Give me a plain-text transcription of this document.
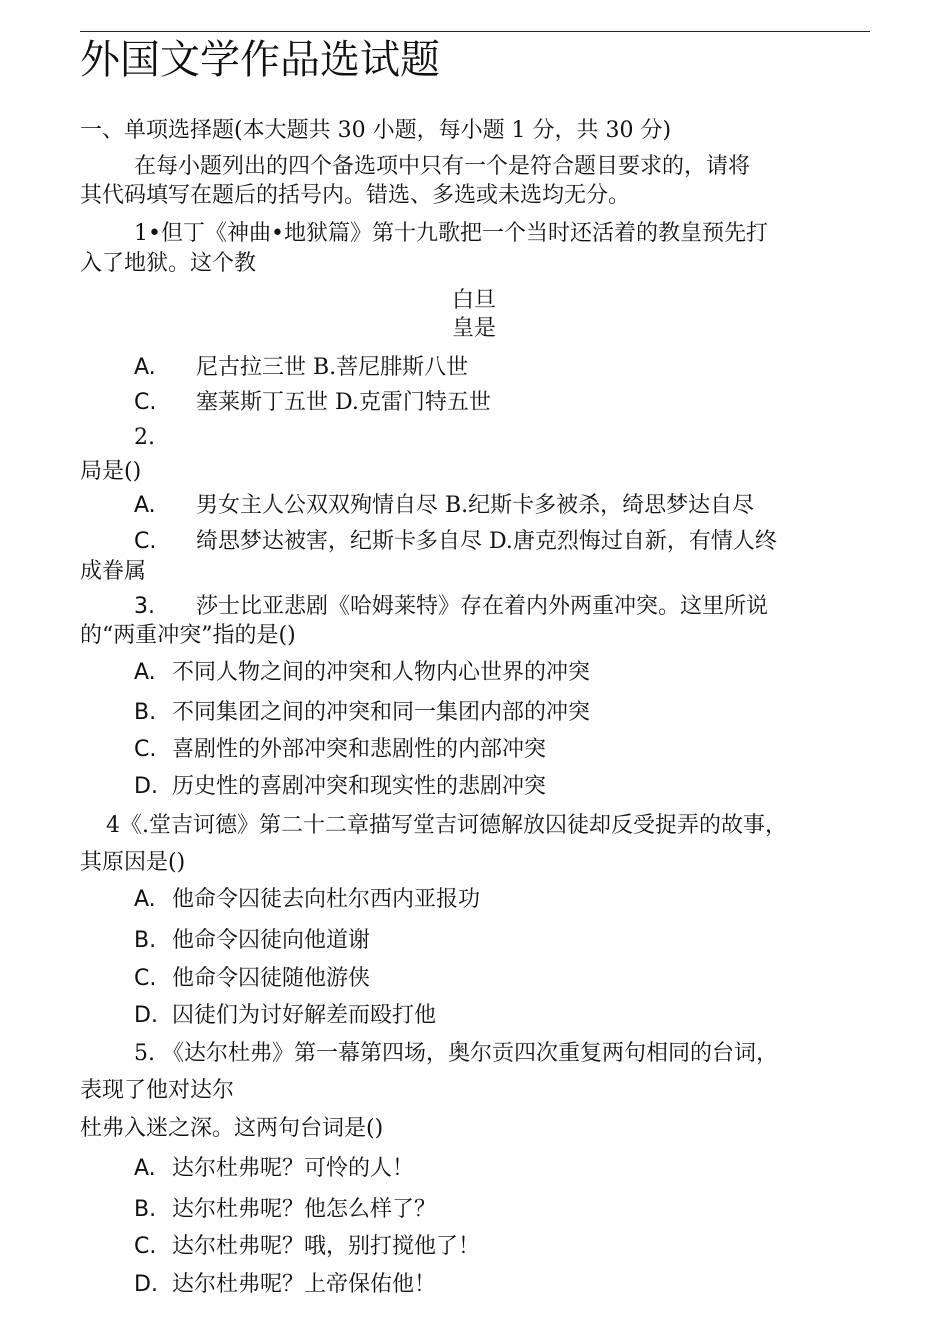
外国文学作品选试题
一、单项选择题(本大题共 30 小题，每小题 1 分，共 30 分)
在每小题列出的四个备选项中只有一个是符合题目要求的，请将
其代码填写在题后的括号内。错选、多选或未选均无分。
1•但丁《神曲•地狱篇》第十九歌把一个当时还活着的教皇预先打
入了地狱。这个教
白旦
皇是
A. 尼古拉三世 B.菩尼腓斯八世
C. 塞莱斯丁五世 D.克雷门特五世
2.
局是()
A. 男女主人公双双殉情自尽 B.纪斯卡多被杀，绮思梦达自尽
C. 绮思梦达被害，纪斯卡多自尽 D.唐克烈悔过自新，有情人终
成眷属
3. 莎士比亚悲剧《哈姆莱特》存在着内外两重冲突。这里所说
的“两重冲突”指的是()
A. 不同人物之间的冲突和人物内心世界的冲突
B. 不同集团之间的冲突和同一集团内部的冲突
C. 喜剧性的外部冲突和悲剧性的内部冲突
D. 历史性的喜剧冲突和现实性的悲剧冲突
4《.堂吉诃德》第二十二章描写堂吉诃德解放囚徒却反受捉弄的故事，
其原因是()
A. 他命令囚徒去向杜尔西内亚报功
B. 他命令囚徒向他道谢
C. 他命令囚徒随他游侠
D. 囚徒们为讨好解差而殴打他
5. 《达尔杜弗》第一幕第四场，奥尔贡四次重复两句相同的台词，
表现了他对达尔
杜弗入迷之深。这两句台词是()
A. 达尔杜弗呢？可怜的人！
B. 达尔杜弗呢？他怎么样了？
C. 达尔杜弗呢？哦，别打搅他了！
D. 达尔杜弗呢？上帝保佑他！
